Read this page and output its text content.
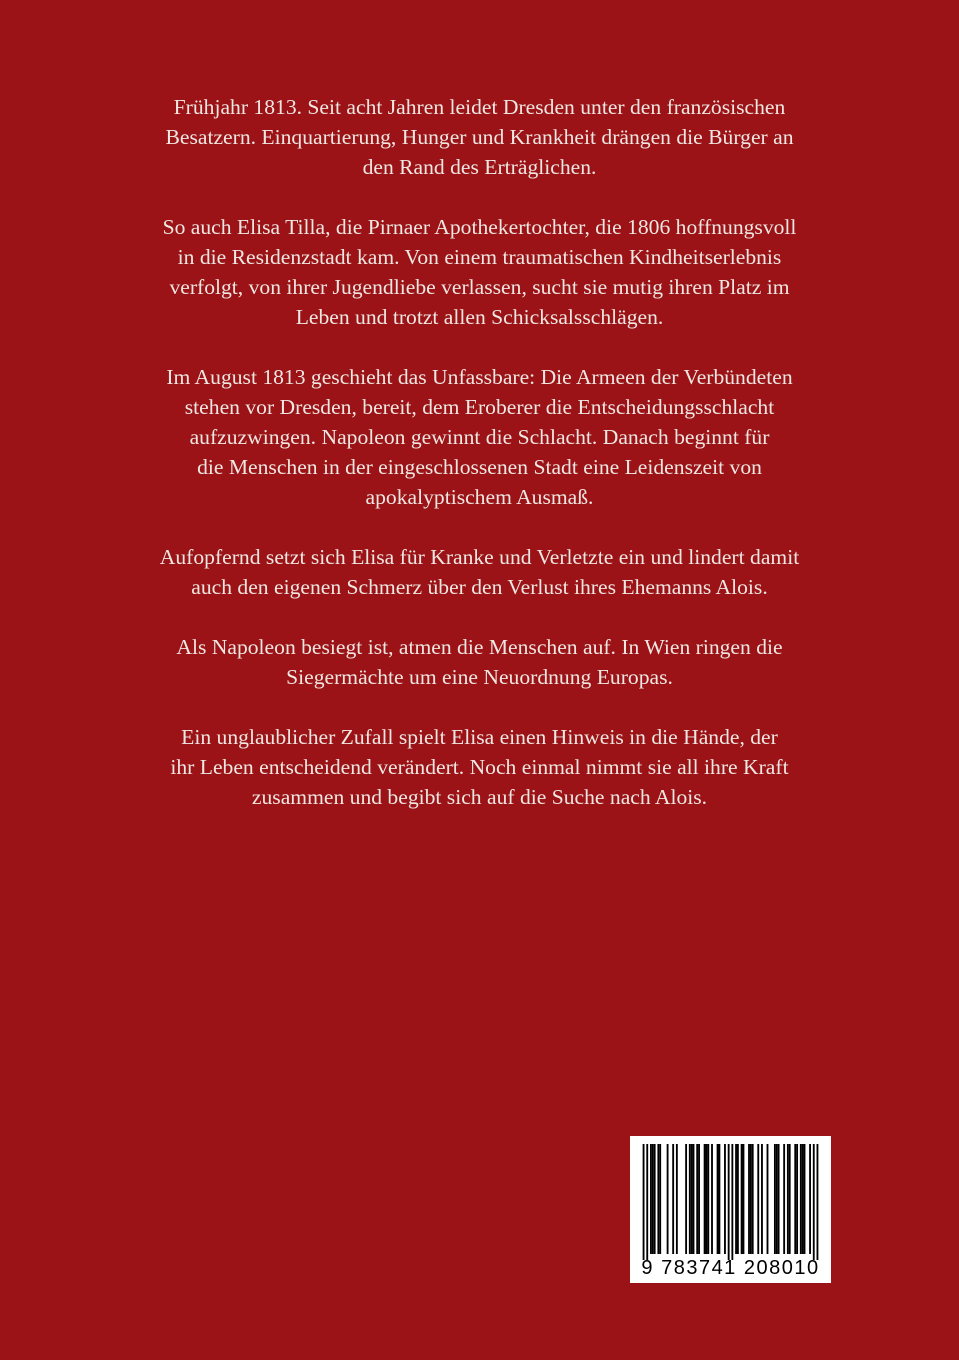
Frühjahr 1813. Seit acht Jahren leidet Dresden unter den französischen
Besatzern. Einquartierung, Hunger und Krankheit drängen die Bürger an
den Rand des Erträglichen.

So auch Elisa Tilla, die Pirnaer Apothekertochter, die 1806 hoffnungsvoll
in die Residenzstadt kam. Von einem traumatischen Kindheitserlebnis
verfolgt, von ihrer Jugendliebe verlassen, sucht sie mutig ihren Platz im
Leben und trotzt allen Schicksalsschlägen.

Im August 1813 geschieht das Unfassbare: Die Armeen der Verbündeten
stehen vor Dresden, bereit, dem Eroberer die Entscheidungsschlacht
aufzuzwingen. Napoleon gewinnt die Schlacht. Danach beginnt für
die Menschen in der eingeschlossenen Stadt eine Leidenszeit von
apokalyptischem Ausmaß.

Aufopfernd setzt sich Elisa für Kranke und Verletzte ein und lindert damit
auch den eigenen Schmerz über den Verlust ihres Ehemanns Alois.

Als Napoleon besiegt ist, atmen die Menschen auf. In Wien ringen die
Siegermächte um eine Neuordnung Europas.

Ein unglaublicher Zufall spielt Elisa einen Hinweis in die Hände, der
ihr Leben entscheidend verändert. Noch einmal nimmt sie all ihre Kraft
zusammen und begibt sich auf die Suche nach Alois.

9 783741 208010
